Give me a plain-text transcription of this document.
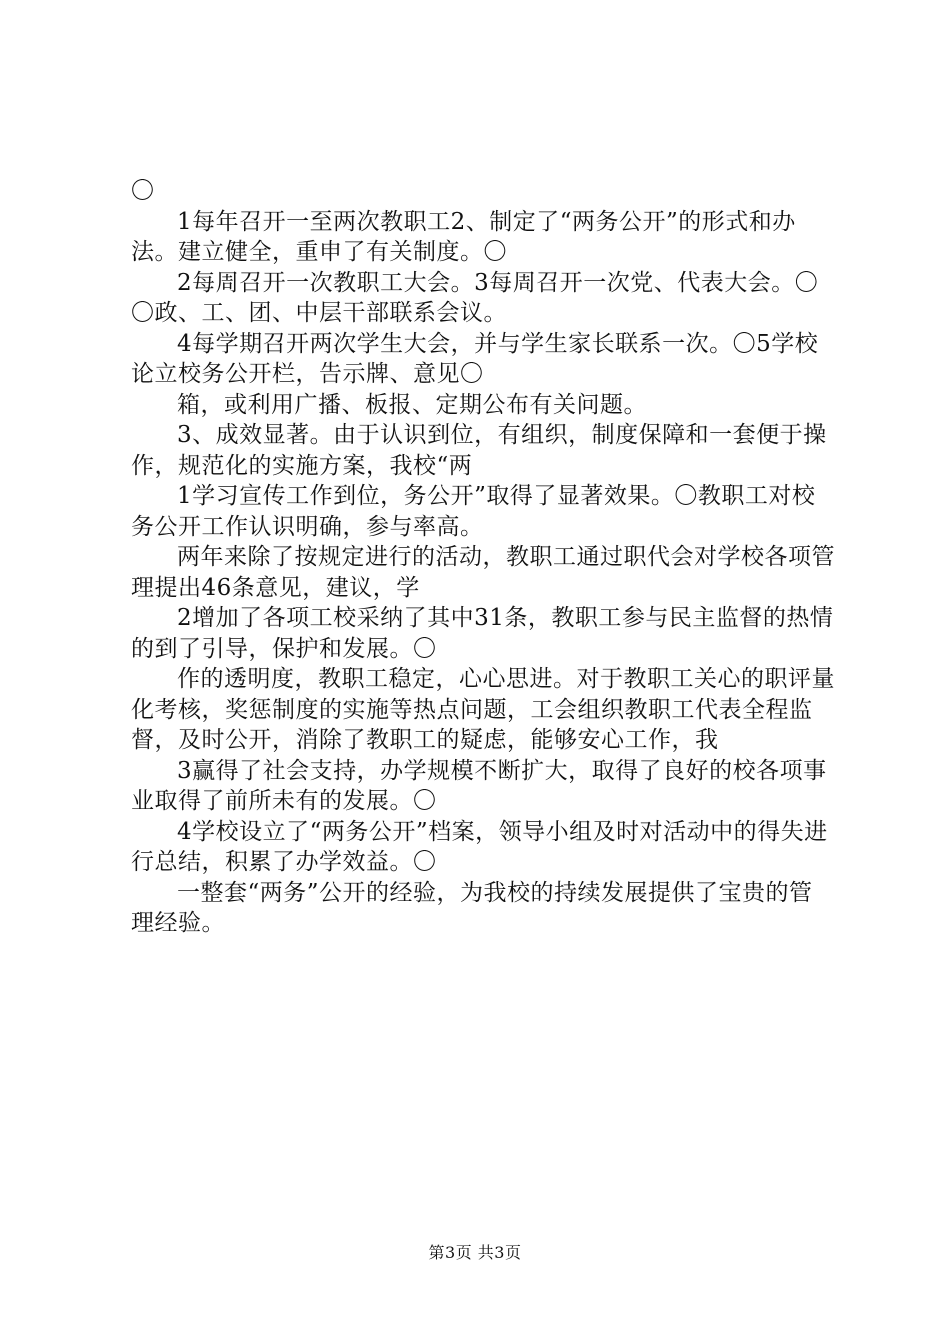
〇

1每年召开一至两次教职工2、制定了“两务公开”的形式和办法。建立健全，重申了有关制度。〇

2每周召开一次教职工大会。3每周召开一次党、代表大会。〇〇政、工、团、中层干部联系会议。

4每学期召开两次学生大会，并与学生家长联系一次。〇5学校论立校务公开栏，告示牌、意见〇

箱，或利用广播、板报、定期公布有关问题。

3、成效显著。由于认识到位，有组织，制度保障和一套便于操作，规范化的实施方案，我校“两

1学习宣传工作到位，务公开”取得了显著效果。〇教职工对校务公开工作认识明确，参与率高。

两年来除了按规定进行的活动，教职工通过职代会对学校各项管理提出46条意见，建议，学

2增加了各项工校采纳了其中31条，教职工参与民主监督的热情的到了引导，保护和发展。〇

作的透明度，教职工稳定，心心思进。对于教职工关心的职评量化考核，奖惩制度的实施等热点问题，工会组织教职工代表全程监督，及时公开，消除了教职工的疑虑，能够安心工作，我

3赢得了社会支持，办学规模不断扩大，取得了良好的校各项事业取得了前所未有的发展。〇

4学校设立了“两务公开”档案，领导小组及时对活动中的得失进行总结，积累了办学效益。〇

一整套“两务”公开的经验，为我校的持续发展提供了宝贵的管理经验。

第3页 共3页
